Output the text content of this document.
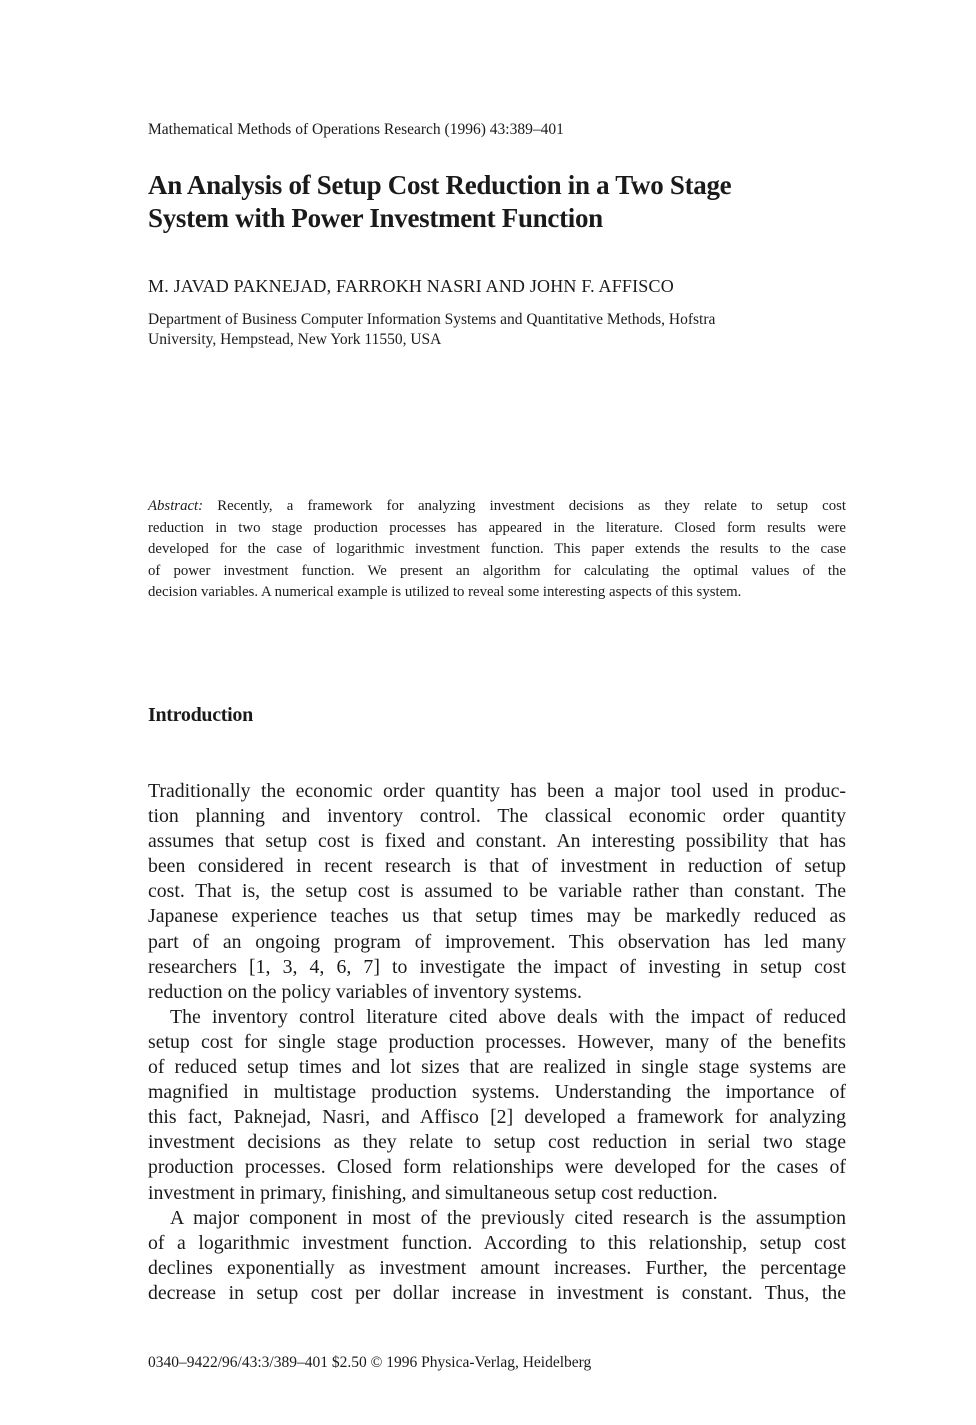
Mathematical Methods of Operations Research (1996) 43:389–401
An Analysis of Setup Cost Reduction in a Two Stage
System with Power Investment Function
M. JAVAD PAKNEJAD, FARROKH NASRI AND JOHN F. AFFISCO
Department of Business Computer Information Systems and Quantitative Methods, Hofstra
University, Hempstead, New York 11550, USA
Abstract: Recently, a framework for analyzing investment decisions as they relate to setup cost
reduction in two stage production processes has appeared in the literature. Closed form results were
developed for the case of logarithmic investment function. This paper extends the results to the case
of power investment function. We present an algorithm for calculating the optimal values of the
decision variables. A numerical example is utilized to reveal some interesting aspects of this system.
Introduction
Traditionally the economic order quantity has been a major tool used in produc-
tion planning and inventory control. The classical economic order quantity
assumes that setup cost is fixed and constant. An interesting possibility that has
been considered in recent research is that of investment in reduction of setup
cost. That is, the setup cost is assumed to be variable rather than constant. The
Japanese experience teaches us that setup times may be markedly reduced as
part of an ongoing program of improvement. This observation has led many
researchers [1, 3, 4, 6, 7] to investigate the impact of investing in setup cost
reduction on the policy variables of inventory systems.
The inventory control literature cited above deals with the impact of reduced
setup cost for single stage production processes. However, many of the benefits
of reduced setup times and lot sizes that are realized in single stage systems are
magnified in multistage production systems. Understanding the importance of
this fact, Paknejad, Nasri, and Affisco [2] developed a framework for analyzing
investment decisions as they relate to setup cost reduction in serial two stage
production processes. Closed form relationships were developed for the cases of
investment in primary, finishing, and simultaneous setup cost reduction.
A major component in most of the previously cited research is the assumption
of a logarithmic investment function. According to this relationship, setup cost
declines exponentially as investment amount increases. Further, the percentage
decrease in setup cost per dollar increase in investment is constant. Thus, the
0340–9422/96/43:3/389–401 $2.50 © 1996 Physica-Verlag, Heidelberg
